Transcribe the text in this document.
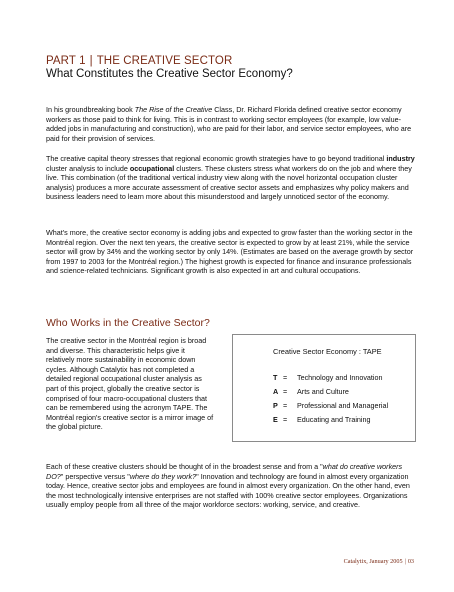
PART 1 | THE CREATIVE SECTOR
What Constitutes the Creative Sector Economy?

In his groundbreaking book The Rise of the Creative Class, Dr. Richard Florida defined creative sector economy workers as those paid to think for living. This is in contrast to working sector employees (for example, low value-added jobs in manufacturing and construction), who are paid for their labor, and service sector employees, who are paid for their provision of services.

The creative capital theory stresses that regional economic growth strategies have to go beyond traditional industry cluster analysis to include occupational clusters. These clusters stress what workers do on the job and where they live. This combination (of the traditional vertical industry view along with the novel horizontal occupation cluster analysis) produces a more accurate assessment of creative sector assets and emphasizes why policy makers and business leaders need to learn more about this misunderstood and largely unnoticed sector of the economy.

What's more, the creative sector economy is adding jobs and expected to grow faster than the working sector in the Montréal region. Over the next ten years, the creative sector is expected to grow by at least 21%, while the service sector will grow by 34% and the working sector by only 14%. (Estimates are based on the average growth by sector from 1997 to 2003 for the Montréal region.) The highest growth is expected for finance and insurance professionals and science-related technicians. Significant growth is also expected in art and cultural occupations.

Who Works in the Creative Sector?

The creative sector in the Montréal region is broad and diverse. This characteristic helps give it relatively more sustainability in economic down cycles. Although Catalytix has not completed a detailed regional occupational cluster analysis as part of this project, globally the creative sector is comprised of four macro-occupational clusters that can be remembered using the acronym TAPE. The Montréal region's creative sector is a mirror image of the global picture.

Creative Sector Economy : TAPE
T = Technology and Innovation
A = Arts and Culture
P = Professional and Managerial
E = Educating and Training

Each of these creative clusters should be thought of in the broadest sense and from a "what do creative workers DO?" perspective versus "where do they work?" Innovation and technology are found in almost every organization today. Hence, creative sector jobs and employees are found in almost every organization. On the other hand, even the most technologically intensive enterprises are not staffed with 100% creative sector employees. Organizations usually employ people from all three of the major workforce sectors: working, service, and creative.

Catalytix, January 2005 | 03
